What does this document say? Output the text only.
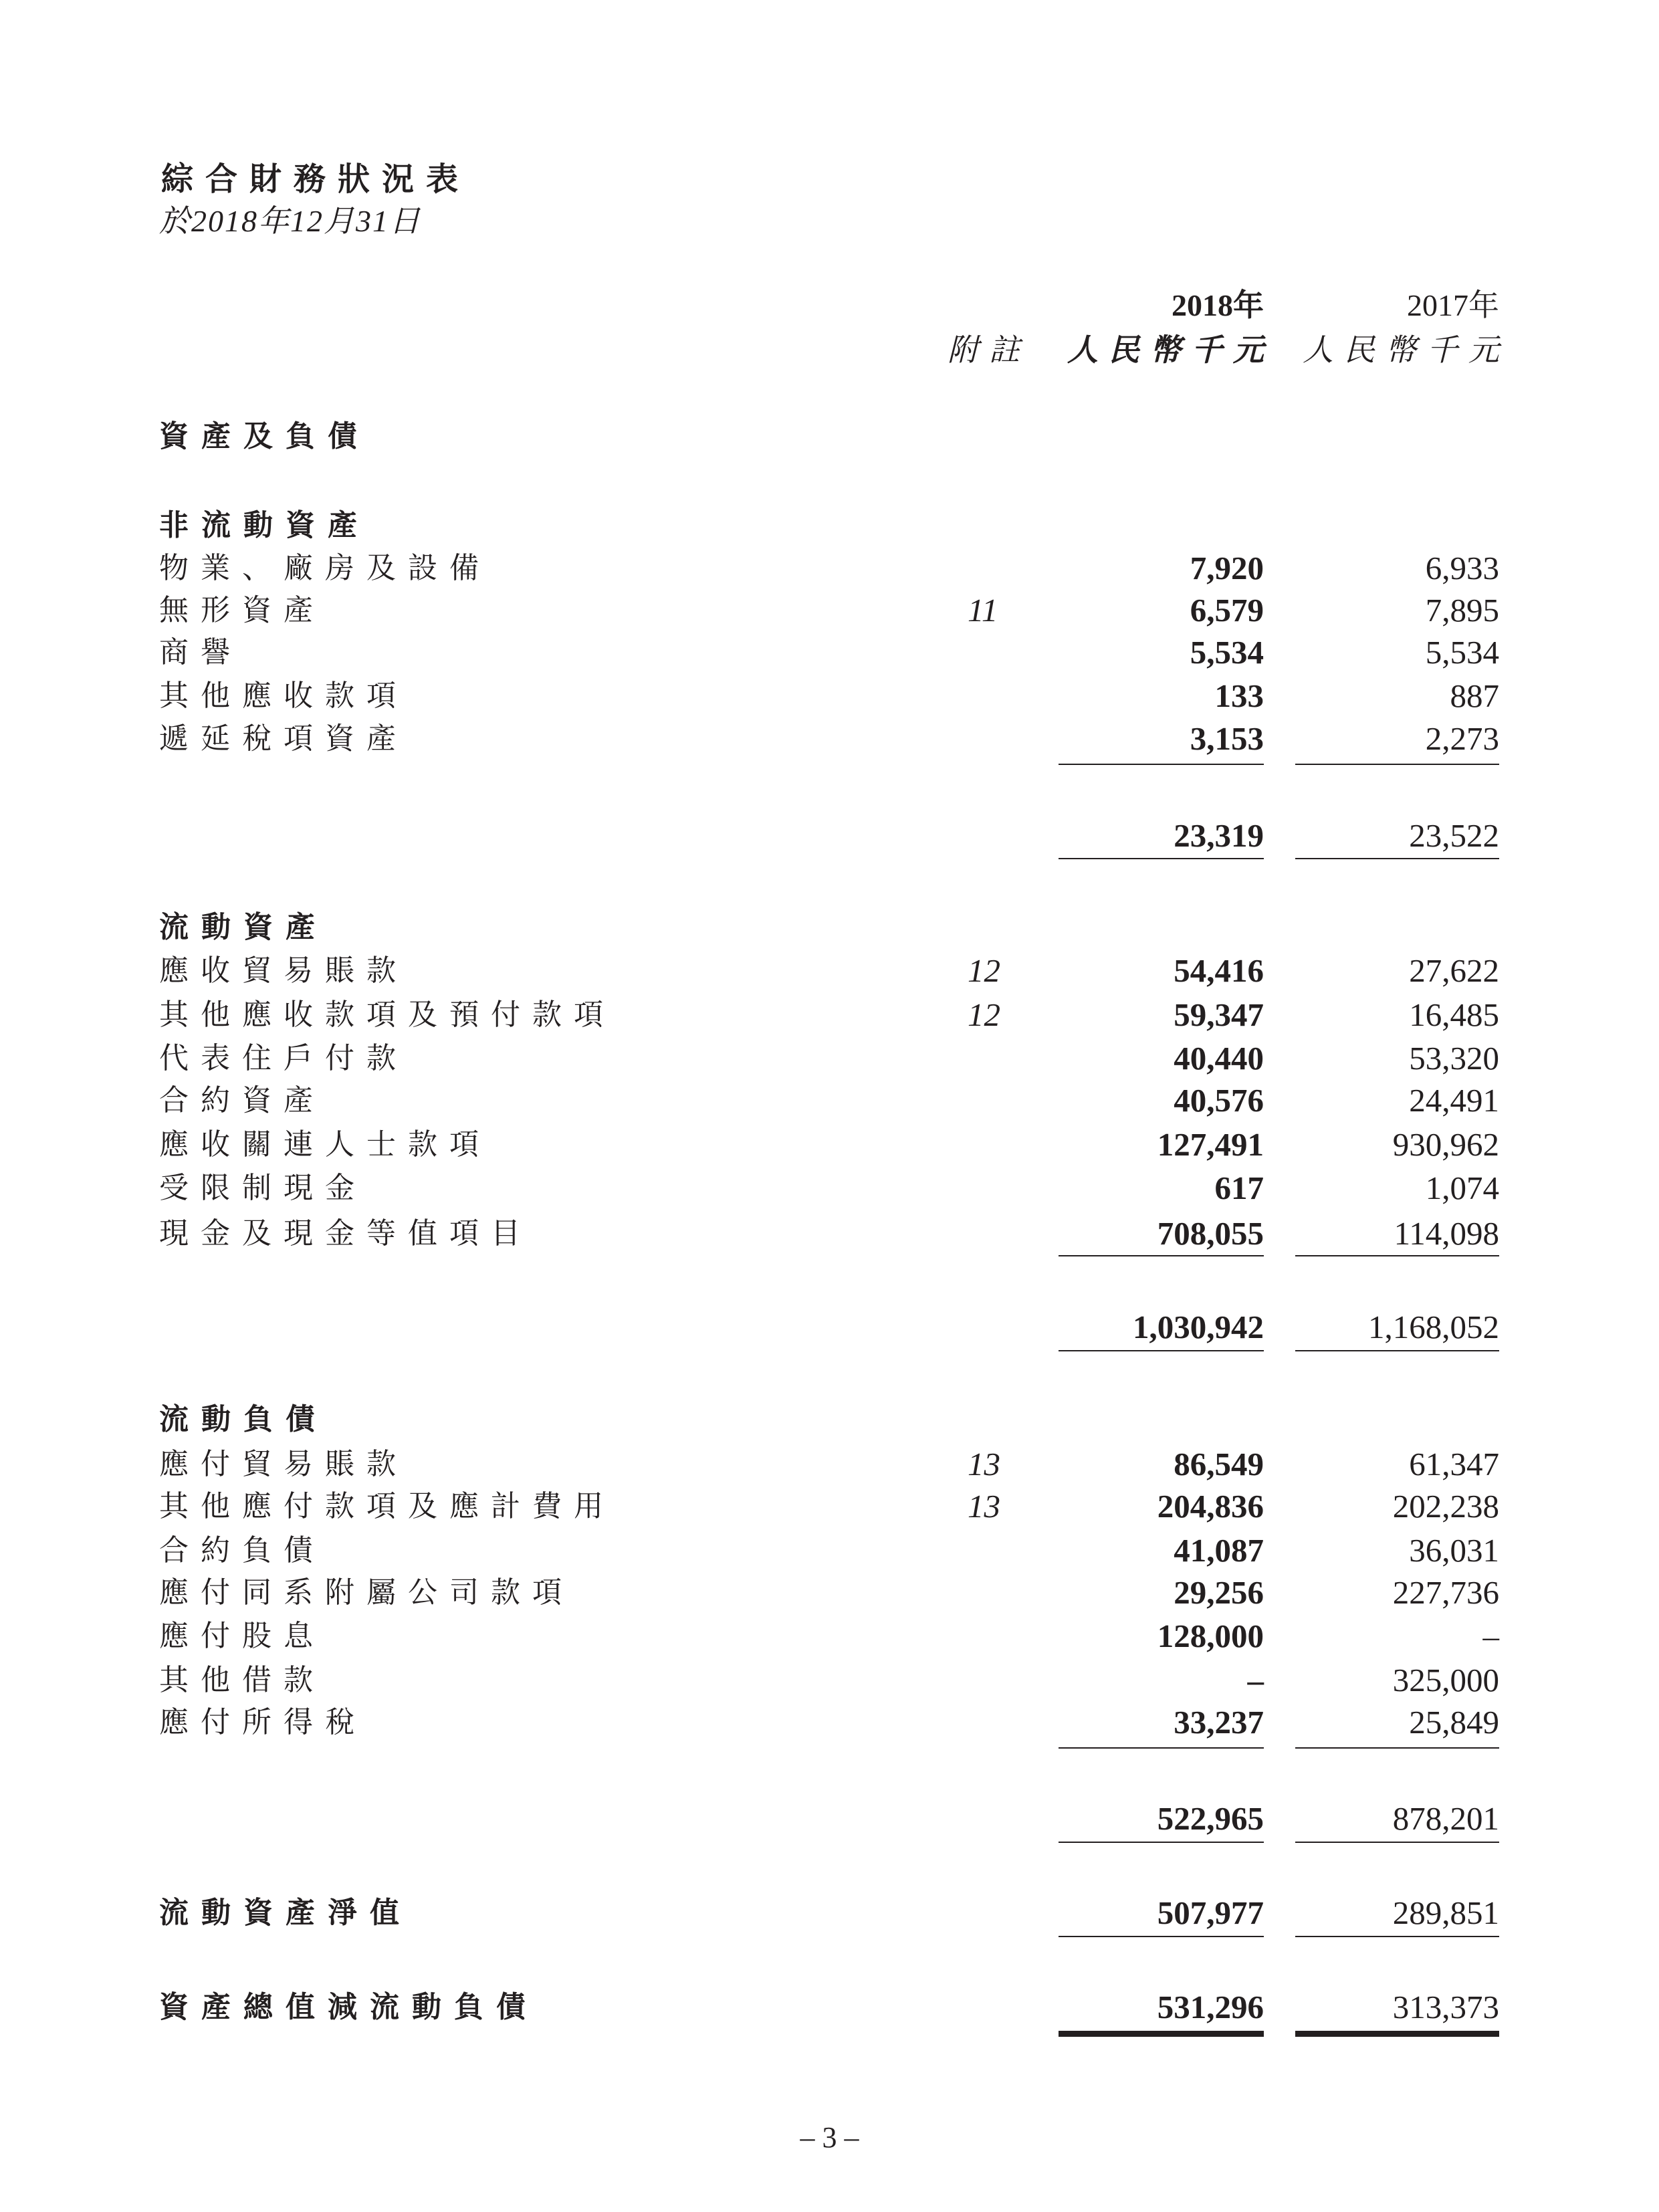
綜合財務狀況表
於2018年12月31日
2018年	2017年
附註 人民幣千元 人民幣千元
資產及負債
非流動資產
物業、廠房及設備	7,920	6,933
無形資產	11	6,579	7,895
商譽	5,534	5,534
其他應收款項	133	887
遞延稅項資產	3,153	2,273
23,319	23,522
流動資產
應收貿易賬款	12	54,416	27,622
其他應收款項及預付款項	12	59,347	16,485
代表住戶付款	40,440	53,320
合約資產	40,576	24,491
應收關連人士款項	127,491	930,962
受限制現金	617	1,074
現金及現金等值項目	708,055	114,098
1,030,942	1,168,052
流動負債
應付貿易賬款	13	86,549	61,347
其他應付款項及應計費用	13	204,836	202,238
合約負債	41,087	36,031
應付同系附屬公司款項	29,256	227,736
應付股息	128,000	–
其他借款	–	325,000
應付所得稅	33,237	25,849
522,965	878,201
流動資產淨值	507,977	289,851
資產總值減流動負債	531,296	313,373
– 3 –
